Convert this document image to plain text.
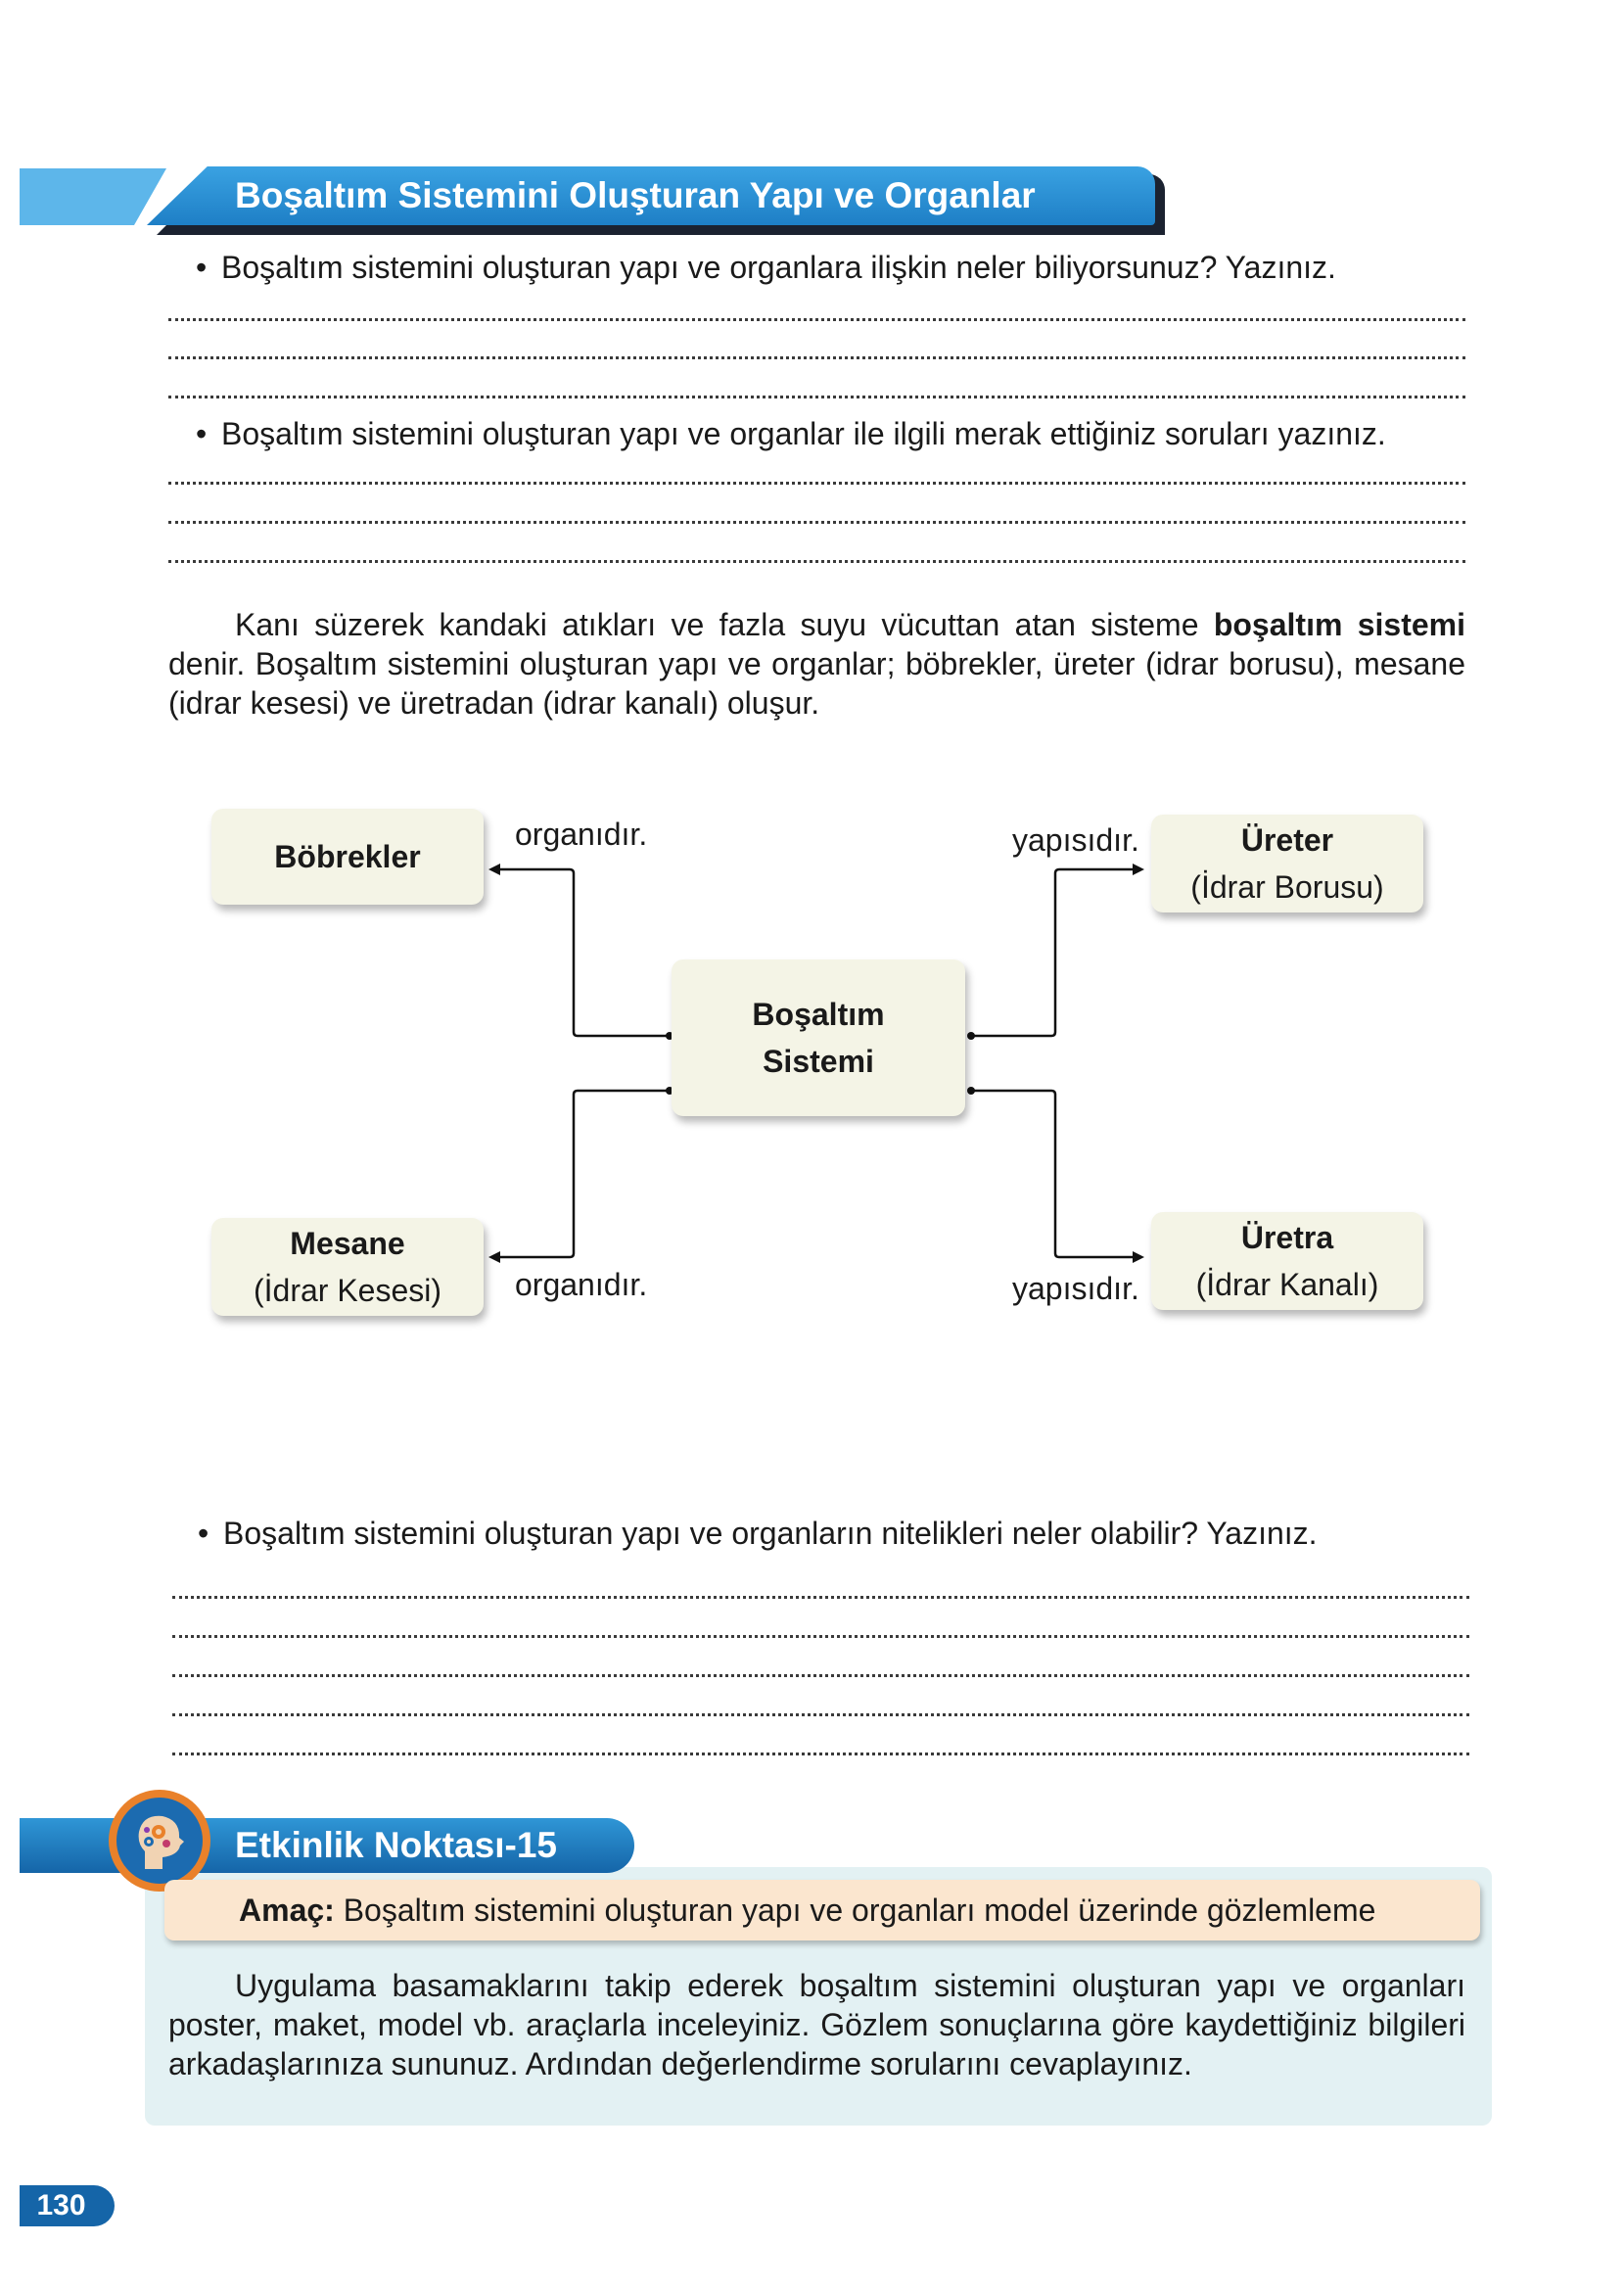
Boşaltım Sistemini Oluşturan Yapı ve Organlar
• Boşaltım sistemini oluşturan yapı ve organlara ilişkin neler biliyorsunuz? Yazınız.
• Boşaltım sistemini oluşturan yapı ve organlar ile ilgili merak ettiğiniz soruları yazınız.

Kanı süzerek kandaki atıkları ve fazla suyu vücuttan atan sisteme boşaltım sistemi denir. Boşaltım sistemini oluşturan yapı ve organlar; böbrekler, üreter (idrar borusu), mesane (idrar kesesi) ve üretradan (idrar kanalı) oluşur.

Böbrekler	Üreter
(İdrar Borusu)
Boşaltım
Sistemi
Mesane
(İdrar Kesesi)
Üretra
(İdrar Kanalı)
organıdır.
organıdır.
yapısıdır.
yapısıdır.
• Boşaltım sistemini oluşturan yapı ve organların nitelikleri neler olabilir? Yazınız.
Etkinlik Noktası-15
Amaç: Boşaltım sistemini oluşturan yapı ve organları model üzerinde gözlemleme

Uygulama basamaklarını takip ederek boşaltım sistemini oluşturan yapı ve organları poster, maket, model vb. araçlarla inceleyiniz. Gözlem sonuçlarına göre kaydettiğiniz bilgileri arkadaşlarınıza sununuz. Ardından değerlendirme sorularını cevaplayınız.

130
